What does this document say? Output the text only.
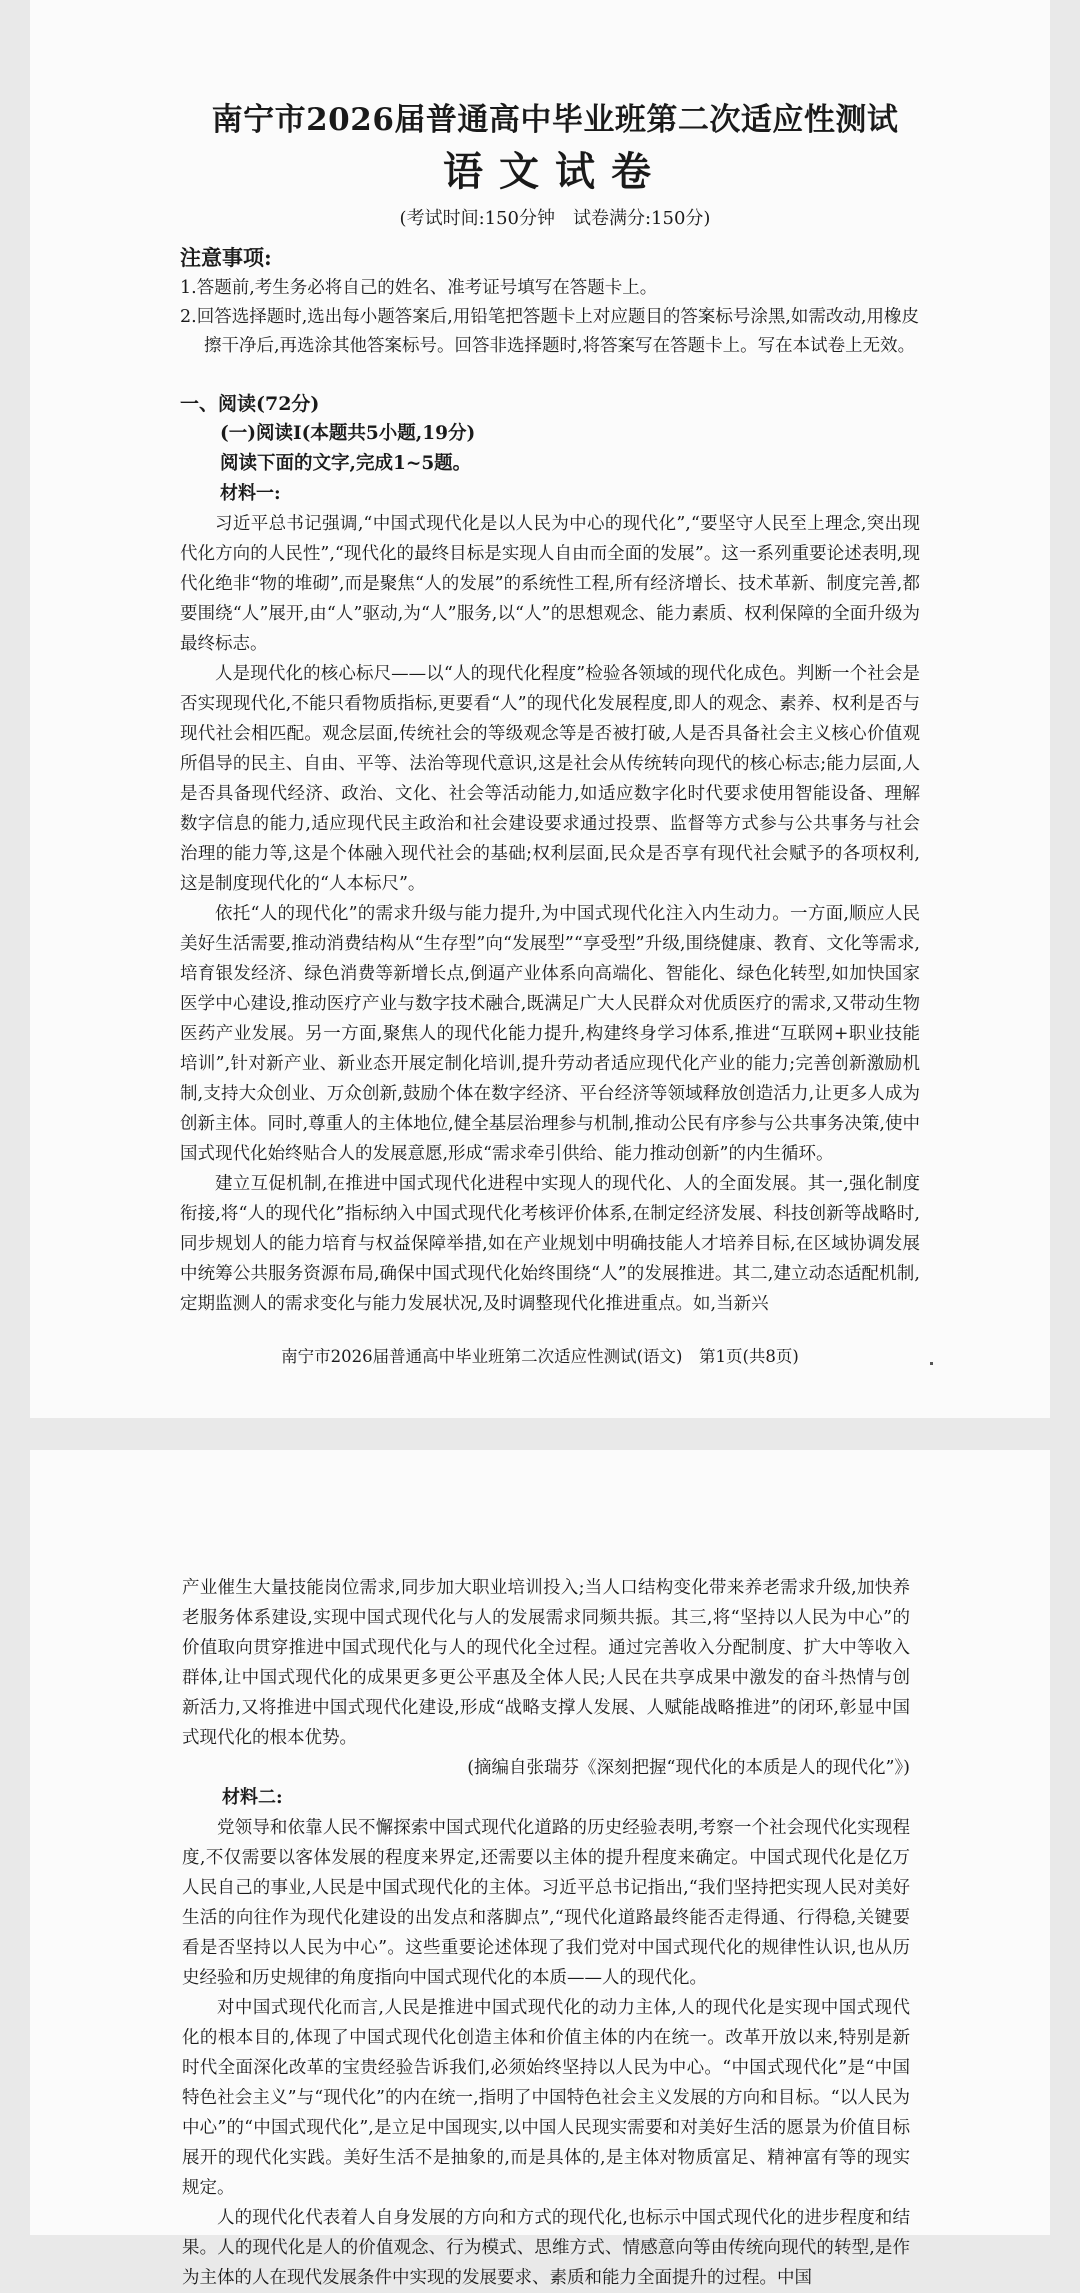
南宁市2026届普通高中毕业班第二次适应性测试
语文试卷
(考试时间:150分钟　试卷满分:150分)
注意事项:

1.答题前,考生务必将自己的姓名、准考证号填写在答题卡上。

2.回答选择题时,选出每小题答案后,用铅笔把答题卡上对应题目的答案标号涂黑,如需改动,用橡皮擦干净后,再选涂其他答案标号。回答非选择题时,将答案写在答题卡上。写在本试卷上无效。

一、阅读(72分)
(一)阅读Ⅰ(本题共5小题,19分)
阅读下面的文字,完成1~5题。
材料一:

习近平总书记强调,“中国式现代化是以人民为中心的现代化”,“要坚守人民至上理念,突出现代化方向的人民性”,“现代化的最终目标是实现人自由而全面的发展”。这一系列重要论述表明,现代化绝非“物的堆砌”,而是聚焦“人的发展”的系统性工程,所有经济增长、技术革新、制度完善,都要围绕“人”展开,由“人”驱动,为“人”服务,以“人”的思想观念、能力素质、权利保障的全面升级为最终标志。

人是现代化的核心标尺——以“人的现代化程度”检验各领域的现代化成色。判断一个社会是否实现现代化,不能只看物质指标,更要看“人”的现代化发展程度,即人的观念、素养、权利是否与现代社会相匹配。观念层面,传统社会的等级观念等是否被打破,人是否具备社会主义核心价值观所倡导的民主、自由、平等、法治等现代意识,这是社会从传统转向现代的核心标志;能力层面,人是否具备现代经济、政治、文化、社会等活动能力,如适应数字化时代要求使用智能设备、理解数字信息的能力,适应现代民主政治和社会建设要求通过投票、监督等方式参与公共事务与社会治理的能力等,这是个体融入现代社会的基础;权利层面,民众是否享有现代社会赋予的各项权利,这是制度现代化的“人本标尺”。

依托“人的现代化”的需求升级与能力提升,为中国式现代化注入内生动力。一方面,顺应人民美好生活需要,推动消费结构从“生存型”向“发展型”“享受型”升级,围绕健康、教育、文化等需求,培育银发经济、绿色消费等新增长点,倒逼产业体系向高端化、智能化、绿色化转型,如加快国家医学中心建设,推动医疗产业与数字技术融合,既满足广大人民群众对优质医疗的需求,又带动生物医药产业发展。另一方面,聚焦人的现代化能力提升,构建终身学习体系,推进“互联网+职业技能培训”,针对新产业、新业态开展定制化培训,提升劳动者适应现代化产业的能力;完善创新激励机制,支持大众创业、万众创新,鼓励个体在数字经济、平台经济等领域释放创造活力,让更多人成为创新主体。同时,尊重人的主体地位,健全基层治理参与机制,推动公民有序参与公共事务决策,使中国式现代化始终贴合人的发展意愿,形成“需求牵引供给、能力推动创新”的内生循环。

建立互促机制,在推进中国式现代化进程中实现人的现代化、人的全面发展。其一,强化制度衔接,将“人的现代化”指标纳入中国式现代化考核评价体系,在制定经济发展、科技创新等战略时,同步规划人的能力培育与权益保障举措,如在产业规划中明确技能人才培养目标,在区域协调发展中统筹公共服务资源布局,确保中国式现代化始终围绕“人”的发展推进。其二,建立动态适配机制,定期监测人的需求变化与能力发展状况,及时调整现代化推进重点。如,当新兴

南宁市2026届普通高中毕业班第二次适应性测试(语文)　第1页(共8页)

产业催生大量技能岗位需求,同步加大职业培训投入;当人口结构变化带来养老需求升级,加快养老服务体系建设,实现中国式现代化与人的发展需求同频共振。其三,将“坚持以人民为中心”的价值取向贯穿推进中国式现代化与人的现代化全过程。通过完善收入分配制度、扩大中等收入群体,让中国式现代化的成果更多更公平惠及全体人民;人民在共享成果中激发的奋斗热情与创新活力,又将推进中国式现代化建设,形成“战略支撑人发展、人赋能战略推进”的闭环,彰显中国式现代化的根本优势。

(摘编自张瑞芬《深刻把握“现代化的本质是人的现代化”》)

材料二:

党领导和依靠人民不懈探索中国式现代化道路的历史经验表明,考察一个社会现代化实现程度,不仅需要以客体发展的程度来界定,还需要以主体的提升程度来确定。中国式现代化是亿万人民自己的事业,人民是中国式现代化的主体。习近平总书记指出,“我们坚持把实现人民对美好生活的向往作为现代化建设的出发点和落脚点”,“现代化道路最终能否走得通、行得稳,关键要看是否坚持以人民为中心”。这些重要论述体现了我们党对中国式现代化的规律性认识,也从历史经验和历史规律的角度指向中国式现代化的本质——人的现代化。

对中国式现代化而言,人民是推进中国式现代化的动力主体,人的现代化是实现中国式现代化的根本目的,体现了中国式现代化创造主体和价值主体的内在统一。改革开放以来,特别是新时代全面深化改革的宝贵经验告诉我们,必须始终坚持以人民为中心。“中国式现代化”是“中国特色社会主义”与“现代化”的内在统一,指明了中国特色社会主义发展的方向和目标。“以人民为中心”的“中国式现代化”,是立足中国现实,以中国人民现实需要和对美好生活的愿景为价值目标展开的现代化实践。美好生活不是抽象的,而是具体的,是主体对物质富足、精神富有等的现实规定。

人的现代化代表着人自身发展的方向和方式的现代化,也标示中国式现代化的进步程度和结果。人的现代化是人的价值观念、行为模式、思维方式、情感意向等由传统向现代的转型,是作为主体的人在现代发展条件中实现的发展要求、素质和能力全面提升的过程。中国
